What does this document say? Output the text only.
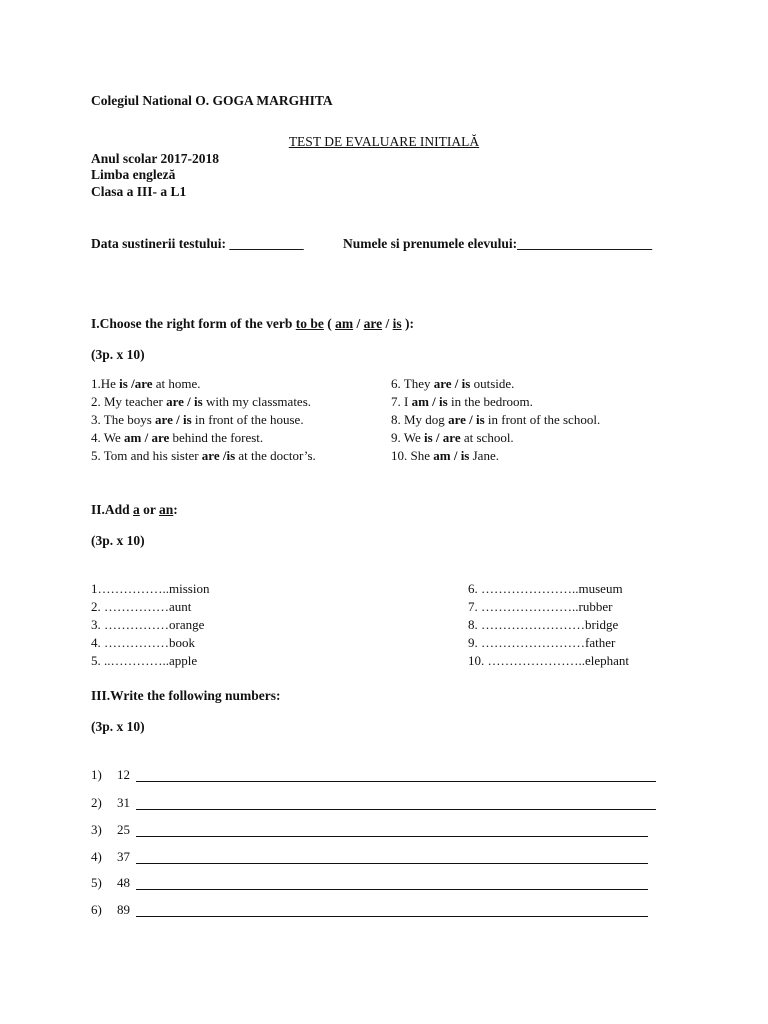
Colegiul National O. GOGA MARGHITA
TEST DE EVALUARE INITIALĂ
Anul scolar 2017-2018
Limba engleză
Clasa a III- a L1
Data sustinerii testului: ___________	Numele si prenumele elevului:____________________
I.Choose the right form of the verb to be ( am / are / is ):
(3p. x 10)
1.He is /are at home.
2. My teacher are / is with my classmates.
3. The boys are / is in front of the house.
4. We am / are behind the forest.
5. Tom and his sister are /is at the doctor’s.
6. They are / is outside.
7. I am / is in the bedroom.
8. My dog are / is in front of the school.
9. We is / are at school.
10. She am / is Jane.
II.Add a or an:
(3p. x 10)
1……………..mission
2. ……………aunt
3. ……………orange
4. ……………book
5. ..…………..apple
6. …………………..museum
7. …………………..rubber
8. ……………………bridge
9. ……………………father
10. …………………..elephant
III.Write the following numbers:
(3p. x 10)
1) 12
2) 31
3) 25
4) 37
5) 48
6) 89
